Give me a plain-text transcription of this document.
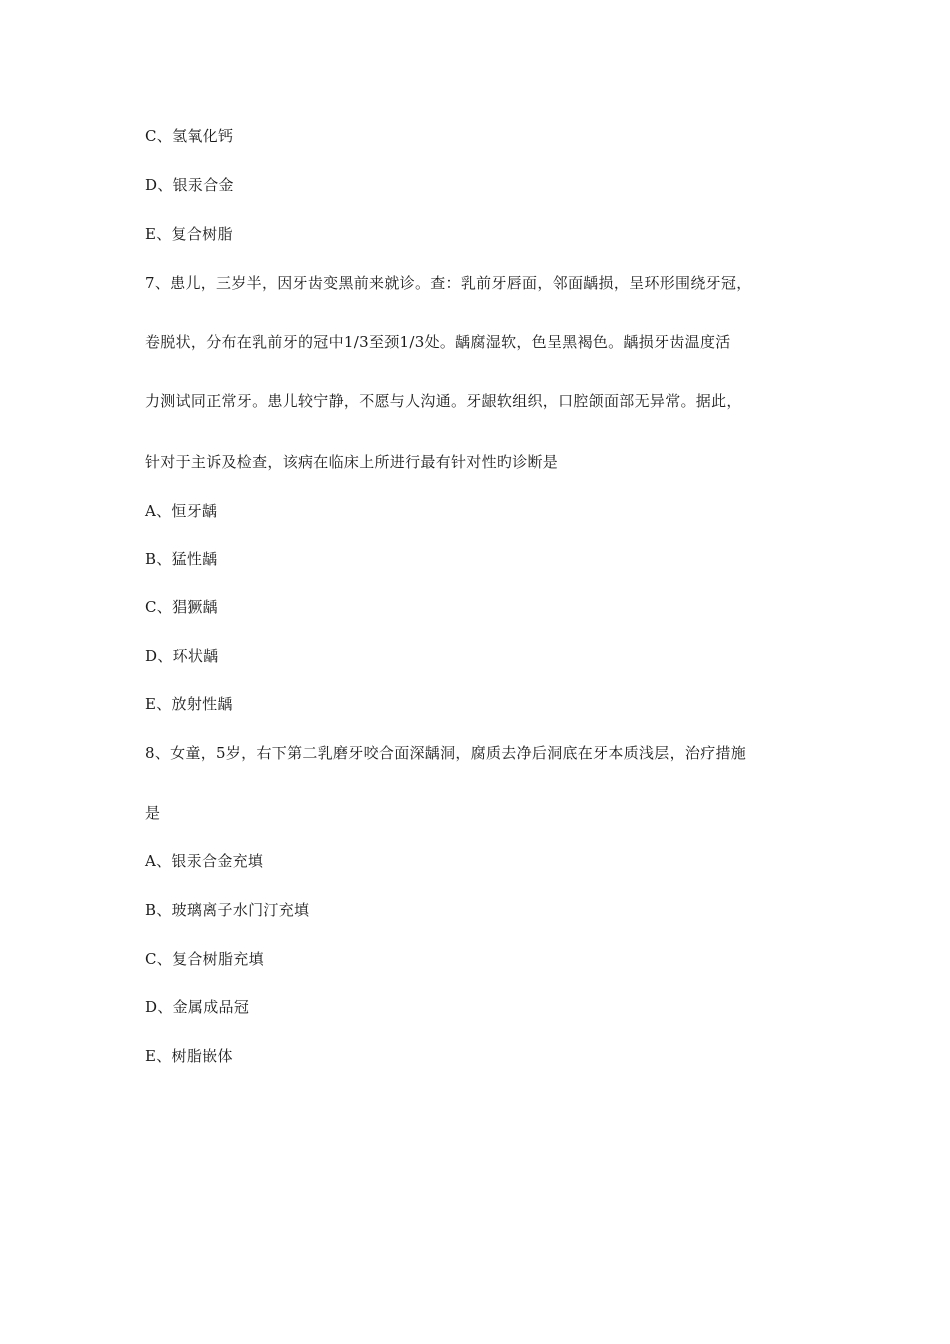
C、氢氧化钙
D、银汞合金
E、复合树脂
7、患儿，三岁半，因牙齿变黑前来就诊。查：乳前牙唇面，邻面龋损，呈环形围绕牙冠，
卷脱状，分布在乳前牙的冠中1/3至颈1/3处。龋腐湿软，色呈黑褐色。龋损牙齿温度活
力测试同正常牙。患儿较宁静，不愿与人沟通。牙龈软组织，口腔颌面部无异常。据此，
针对于主诉及检查，该病在临床上所进行最有针对性旳诊断是
A、恒牙龋
B、猛性龋
C、猖獗龋
D、环状龋
E、放射性龋
8、女童，5岁，右下第二乳磨牙咬合面深龋洞，腐质去净后洞底在牙本质浅层，治疗措施
是
A、银汞合金充填
B、玻璃离子水门汀充填
C、复合树脂充填
D、金属成品冠
E、树脂嵌体
